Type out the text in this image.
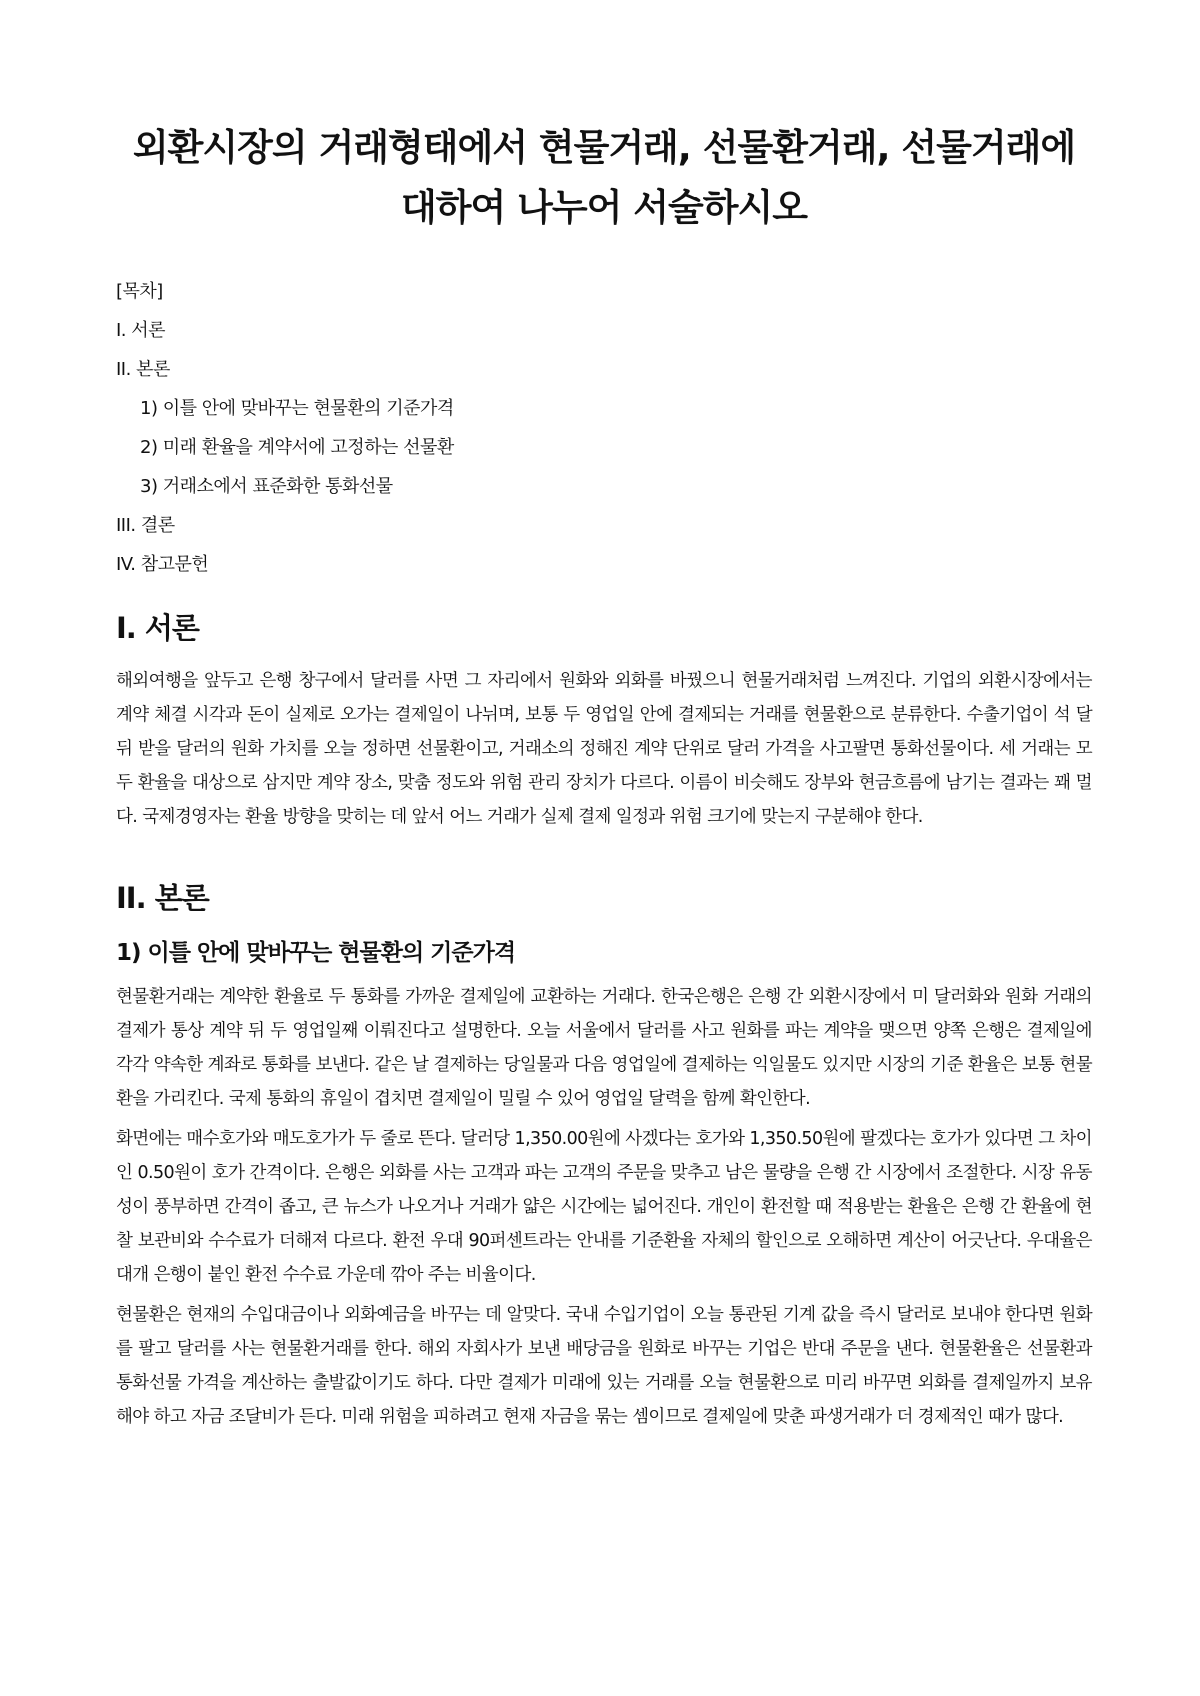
외환시장의 거래형태에서 현물거래, 선물환거래, 선물거래에 대하여 나누어 서술하시오
[목차]
I. 서론
II. 본론
1) 이틀 안에 맞바꾸는 현물환의 기준가격
2) 미래 환율을 계약서에 고정하는 선물환
3) 거래소에서 표준화한 통화선물
III. 결론
IV. 참고문헌
I. 서론

해외여행을 앞두고 은행 창구에서 달러를 사면 그 자리에서 원화와 외화를 바꿨으니 현물거래처럼 느껴진다. 기업의 외환시장에서는 계약 체결 시각과 돈이 실제로 오가는 결제일이 나뉘며, 보통 두 영업일 안에 결제되는 거래를 현물환으로 분류한다. 수출기업이 석 달 뒤 받을 달러의 원화 가치를 오늘 정하면 선물환이고, 거래소의 정해진 계약 단위로 달러 가격을 사고팔면 통화선물이다. 세 거래는 모두 환율을 대상으로 삼지만 계약 장소, 맞춤 정도와 위험 관리 장치가 다르다. 이름이 비슷해도 장부와 현금흐름에 남기는 결과는 꽤 멀다. 국제경영자는 환율 방향을 맞히는 데 앞서 어느 거래가 실제 결제 일정과 위험 크기에 맞는지 구분해야 한다.

II. 본론
1) 이틀 안에 맞바꾸는 현물환의 기준가격

현물환거래는 계약한 환율로 두 통화를 가까운 결제일에 교환하는 거래다. 한국은행은 은행 간 외환시장에서 미 달러화와 원화 거래의 결제가 통상 계약 뒤 두 영업일째 이뤄진다고 설명한다. 오늘 서울에서 달러를 사고 원화를 파는 계약을 맺으면 양쪽 은행은 결제일에 각각 약속한 계좌로 통화를 보낸다. 같은 날 결제하는 당일물과 다음 영업일에 결제하는 익일물도 있지만 시장의 기준 환율은 보통 현물환을 가리킨다. 국제 통화의 휴일이 겹치면 결제일이 밀릴 수 있어 영업일 달력을 함께 확인한다.

화면에는 매수호가와 매도호가가 두 줄로 뜬다. 달러당 1,350.00원에 사겠다는 호가와 1,350.50원에 팔겠다는 호가가 있다면 그 차이인 0.50원이 호가 간격이다. 은행은 외화를 사는 고객과 파는 고객의 주문을 맞추고 남은 물량을 은행 간 시장에서 조절한다. 시장 유동성이 풍부하면 간격이 좁고, 큰 뉴스가 나오거나 거래가 얇은 시간에는 넓어진다. 개인이 환전할 때 적용받는 환율은 은행 간 환율에 현찰 보관비와 수수료가 더해져 다르다. 환전 우대 90퍼센트라는 안내를 기준환율 자체의 할인으로 오해하면 계산이 어긋난다. 우대율은 대개 은행이 붙인 환전 수수료 가운데 깎아 주는 비율이다.

현물환은 현재의 수입대금이나 외화예금을 바꾸는 데 알맞다. 국내 수입기업이 오늘 통관된 기계 값을 즉시 달러로 보내야 한다면 원화를 팔고 달러를 사는 현물환거래를 한다. 해외 자회사가 보낸 배당금을 원화로 바꾸는 기업은 반대 주문을 낸다. 현물환율은 선물환과 통화선물 가격을 계산하는 출발값이기도 하다. 다만 결제가 미래에 있는 거래를 오늘 현물환으로 미리 바꾸면 외화를 결제일까지 보유해야 하고 자금 조달비가 든다. 미래 위험을 피하려고 현재 자금을 묶는 셈이므로 결제일에 맞춘 파생거래가 더 경제적인 때가 많다.
